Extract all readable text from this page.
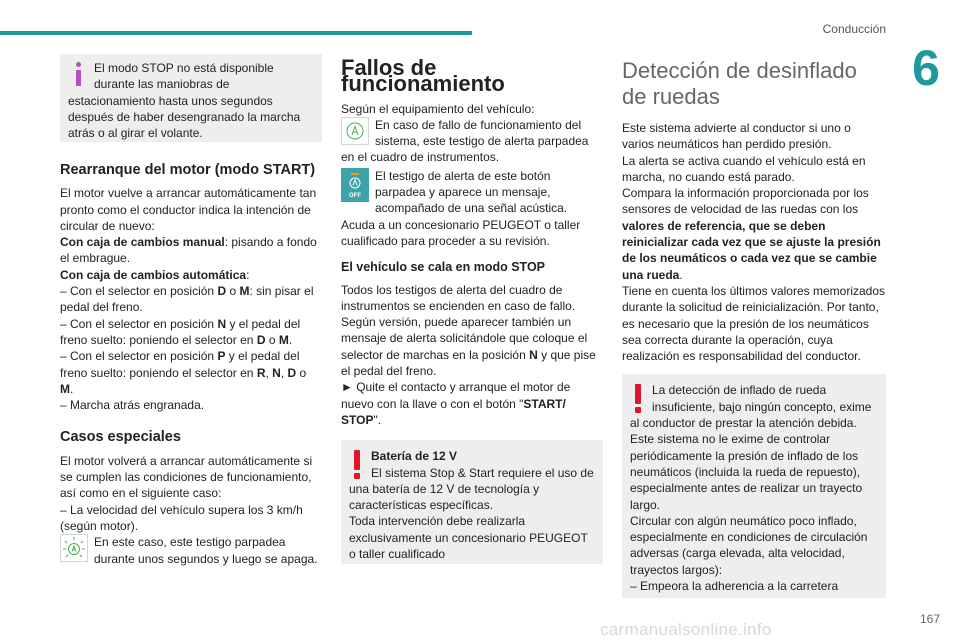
Conducción
6

El modo STOP no está disponible durante las maniobras de estacionamiento hasta unos segundos después de haber desengranado la marcha atrás o al girar el volante.

Rearranque del motor (modo START)

El motor vuelve a arrancar automáticamente tan pronto como el conductor indica la intención de circular de nuevo:

Con caja de cambios manual: pisando a fondo el embrague.

Con caja de cambios automática:

– Con el selector en posición D o M: sin pisar el pedal del freno.

– Con el selector en posición N y el pedal del freno suelto: poniendo el selector en D o M.

– Con el selector en posición P y el pedal del freno suelto: poniendo el selector en R, N, D o M.

– Marcha atrás engranada.

Casos especiales

El motor volverá a arrancar automáticamente si se cumplen las condiciones de funcionamiento, así como en el siguiente caso:

– La velocidad del vehículo supera los 3 km/h (según motor).

En este caso, este testigo parpadea durante unos segundos y luego se apaga.

Fallos de funcionamiento

Según el equipamiento del vehículo:

En caso de fallo de funcionamiento del sistema, este testigo de alerta parpadea en el cuadro de instrumentos.

OFF

El testigo de alerta de este botón parpadea y aparece un mensaje, acompañado de una señal acústica.

Acuda a un concesionario PEUGEOT o taller cualificado para proceder a su revisión.

El vehículo se cala en modo STOP

Todos los testigos de alerta del cuadro de instrumentos se encienden en caso de fallo. Según versión, puede aparecer también un mensaje de alerta solicitándole que coloque el selector de marchas en la posición N y que pise el pedal del freno.

► Quite el contacto y arranque el motor de nuevo con la llave o con el botón "START/ STOP".

Batería de 12 V

El sistema Stop & Start requiere el uso de una batería de 12 V de tecnología y características específicas.

Toda intervención debe realizarla exclusivamente un concesionario PEUGEOT o taller cualificado

Detección de desinflado de ruedas

Este sistema advierte al conductor si uno o varios neumáticos han perdido presión.

La alerta se activa cuando el vehículo está en marcha, no cuando está parado.

Compara la información proporcionada por los sensores de velocidad de las ruedas con los valores de referencia, que se deben reinicializar cada vez que se ajuste la presión de los neumáticos o cada vez que se cambie una rueda.

Tiene en cuenta los últimos valores memorizados durante la solicitud de reinicialización. Por tanto, es necesario que la presión de los neumáticos sea correcta durante la operación, cuya realización es responsabilidad del conductor.

La detección de inflado de rueda insuficiente, bajo ningún concepto, exime al conductor de prestar la atención debida.

Este sistema no le exime de controlar periódicamente la presión de inflado de los neumáticos (incluida la rueda de repuesto), especialmente antes de realizar un trayecto largo.

Circular con algún neumático poco inflado, especialmente en condiciones de circulación adversas (carga elevada, alta velocidad, trayectos largos):

– Empeora la adherencia a la carretera

167
carmanualsonline.info
